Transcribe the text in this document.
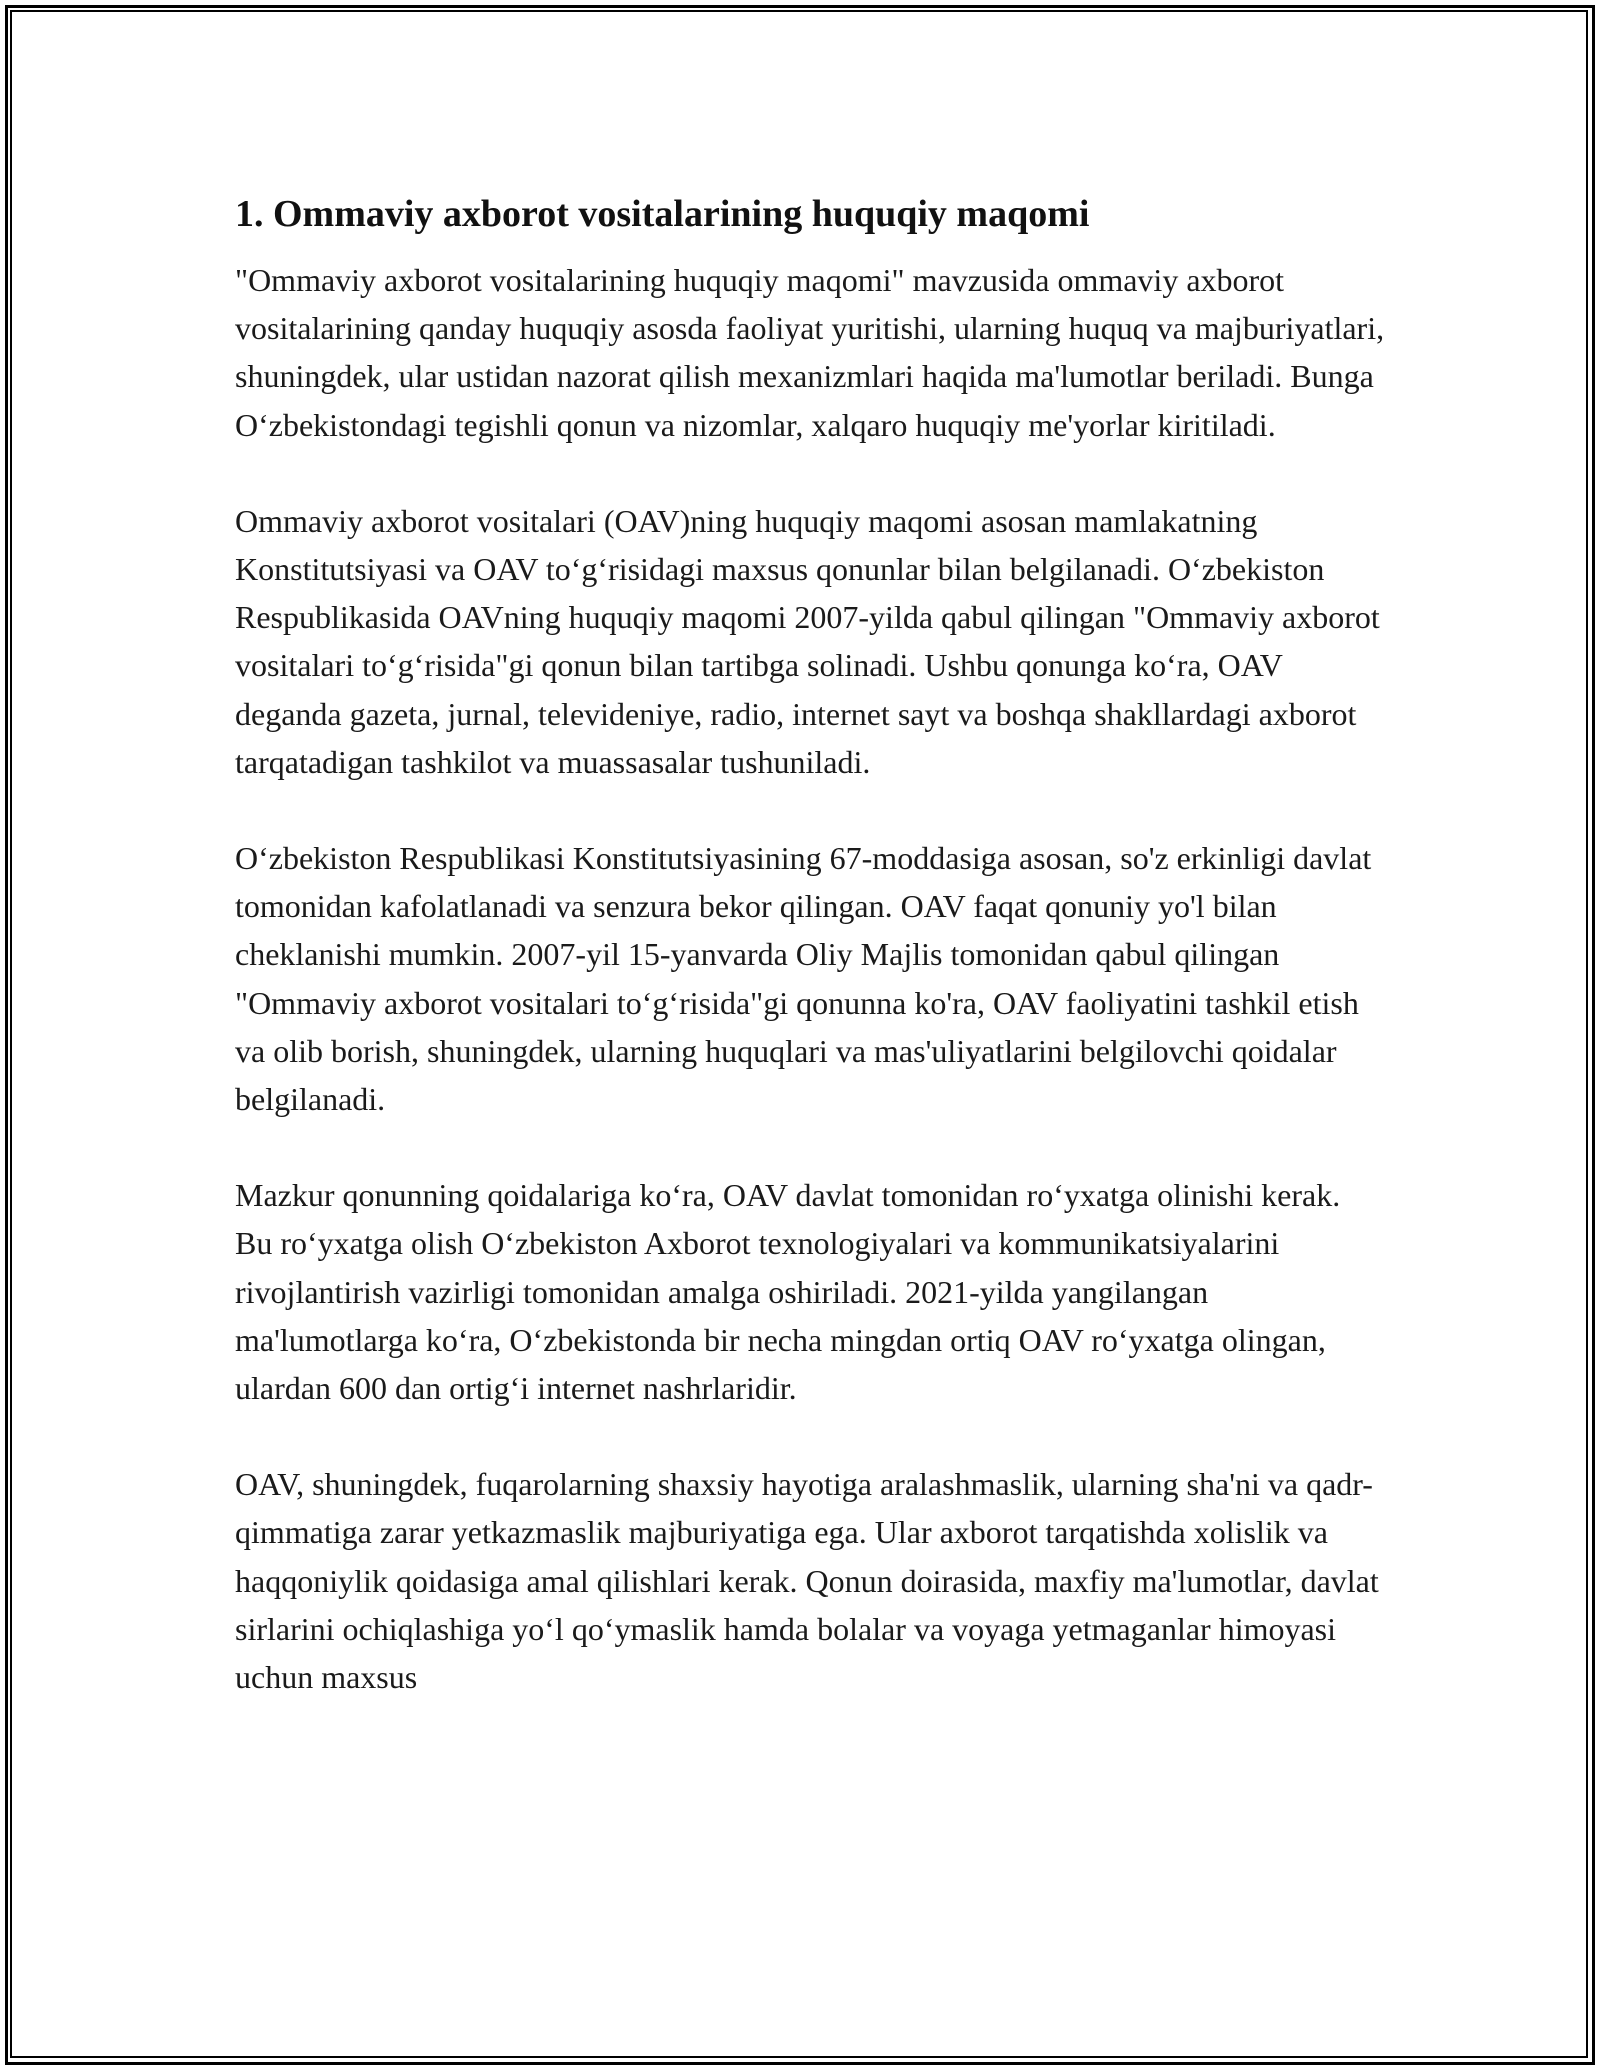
1. Ommaviy axborot vositalarining huquqiy maqomi

"Ommaviy axborot vositalarining huquqiy maqomi" mavzusida ommaviy axborot vositalarining qanday huquqiy asosda faoliyat yuritishi, ularning huquq va majburiyatlari, shuningdek, ular ustidan nazorat qilish mexanizmlari haqida ma'lumotlar beriladi. Bunga O‘zbekistondagi tegishli qonun va nizomlar, xalqaro huquqiy me'yorlar kiritiladi.

Ommaviy axborot vositalari (OAV)ning huquqiy maqomi asosan mamlakatning Konstitutsiyasi va OAV to‘g‘risidagi maxsus qonunlar bilan belgilanadi. O‘zbekiston Respublikasida OAVning huquqiy maqomi 2007-yilda qabul qilingan "Ommaviy axborot vositalari to‘g‘risida"gi qonun bilan tartibga solinadi. Ushbu qonunga ko‘ra, OAV deganda gazeta, jurnal, televideniye, radio, internet sayt va boshqa shakllardagi axborot tarqatadigan tashkilot va muassasalar tushuniladi.

O‘zbekiston Respublikasi Konstitutsiyasining 67-moddasiga asosan, so'z erkinligi davlat tomonidan kafolatlanadi va senzura bekor qilingan. OAV faqat qonuniy yo'l bilan cheklanishi mumkin. 2007-yil 15-yanvarda Oliy Majlis tomonidan qabul qilingan "Ommaviy axborot vositalari to‘g‘risida"gi qonunna ko'ra, OAV faoliyatini tashkil etish va olib borish, shuningdek, ularning huquqlari va mas'uliyatlarini belgilovchi qoidalar belgilanadi.

Mazkur qonunning qoidalariga ko‘ra, OAV davlat tomonidan ro‘yxatga olinishi kerak. Bu ro‘yxatga olish O‘zbekiston Axborot texnologiyalari va kommunikatsiyalarini rivojlantirish vazirligi tomonidan amalga oshiriladi. 2021-yilda yangilangan ma'lumotlarga ko‘ra, O‘zbekistonda bir necha mingdan ortiq OAV ro‘yxatga olingan, ulardan 600 dan ortig‘i internet nashrlaridir.

OAV, shuningdek, fuqarolarning shaxsiy hayotiga aralashmaslik, ularning sha'ni va qadr-qimmatiga zarar yetkazmaslik majburiyatiga ega. Ular axborot tarqatishda xolislik va haqqoniylik qoidasiga amal qilishlari kerak. Qonun doirasida, maxfiy ma'lumotlar, davlat sirlarini ochiqlashiga yo‘l qo‘ymaslik hamda bolalar va voyaga yetmaganlar himoyasi uchun maxsus
